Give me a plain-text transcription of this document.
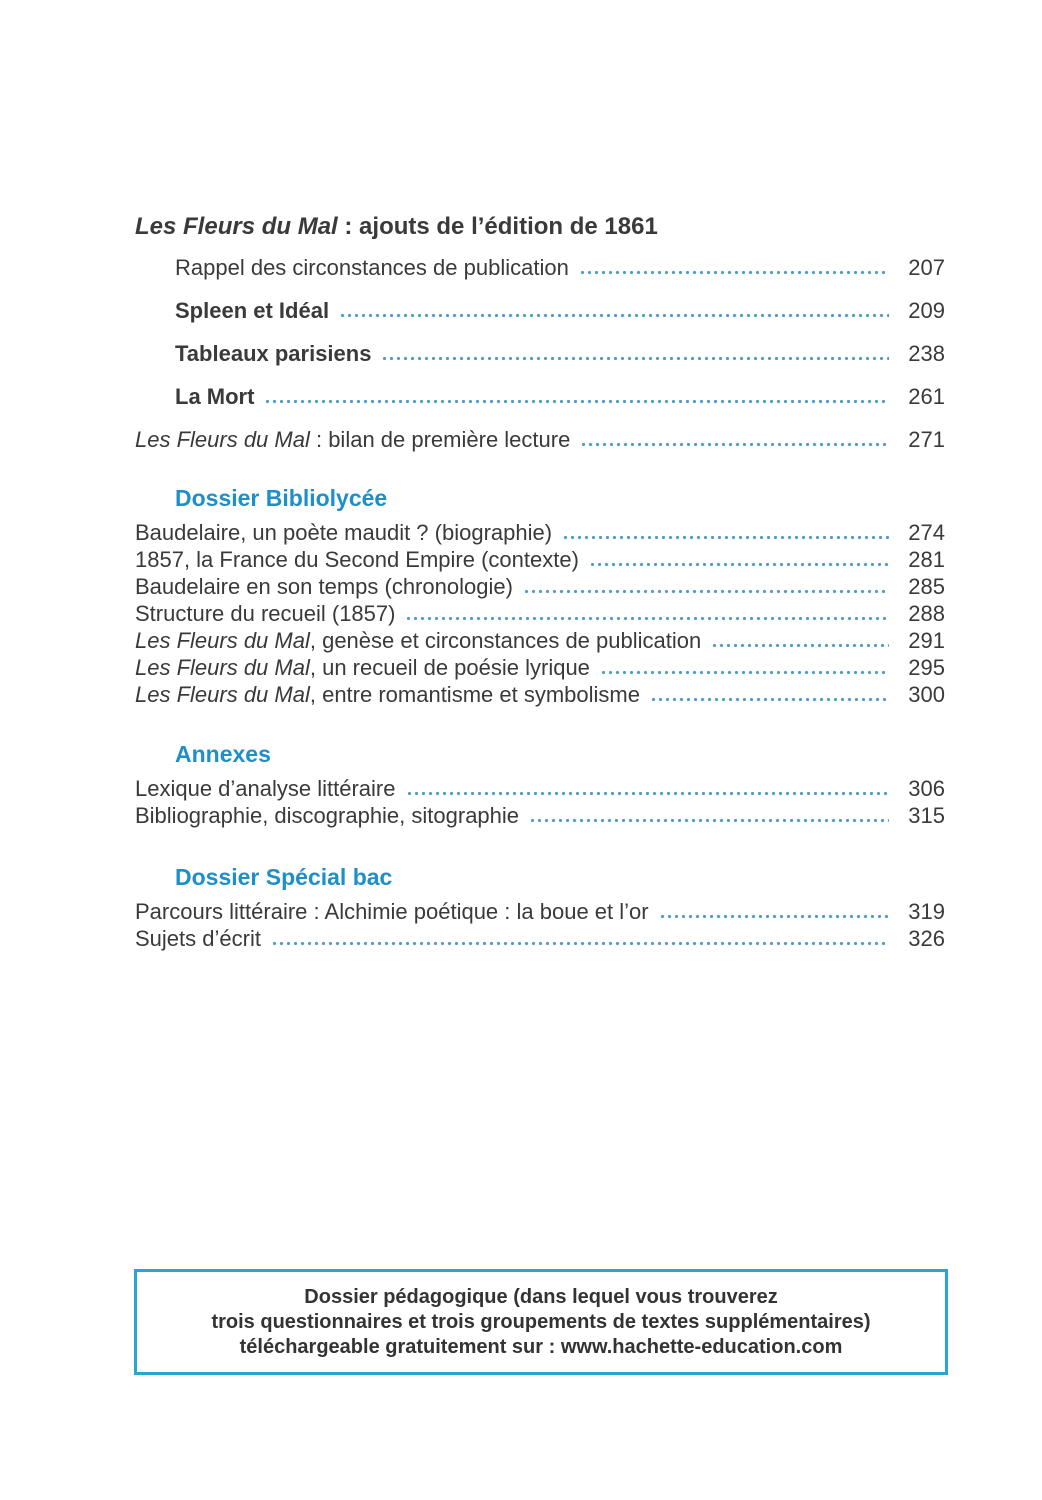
Les Fleurs du Mal : ajouts de l’édition de 1861
Rappel des circonstances de publication	207
Spleen et Idéal	209
Tableaux parisiens	238
La Mort	261
Les Fleurs du Mal : bilan de première lecture	271
Dossier Bibliolycée
Baudelaire, un poète maudit ? (biographie)	274
1857, la France du Second Empire (contexte)	281
Baudelaire en son temps (chronologie)	285
Structure du recueil (1857)	288
Les Fleurs du Mal, genèse et circonstances de publication	291
Les Fleurs du Mal, un recueil de poésie lyrique	295
Les Fleurs du Mal, entre romantisme et symbolisme	300
Annexes
Lexique d’analyse littéraire	306
Bibliographie, discographie, sitographie	315
Dossier Spécial bac
Parcours littéraire : Alchimie poétique : la boue et l’or	319
Sujets d’écrit	326
Dossier pédagogique (dans lequel vous trouverez
trois questionnaires et trois groupements de textes supplémentaires)
téléchargeable gratuitement sur : www.hachette-education.com
